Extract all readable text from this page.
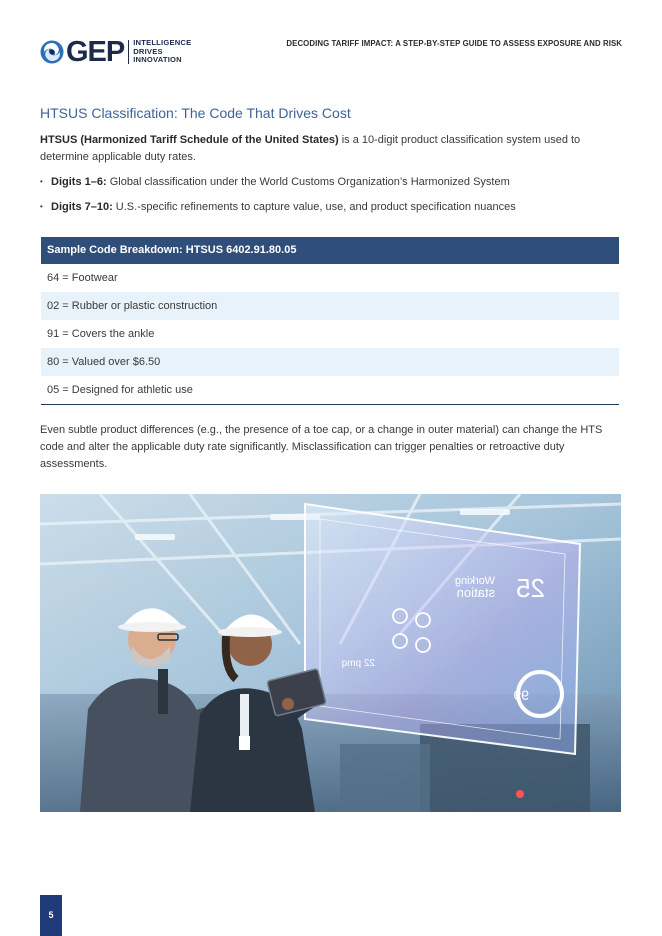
GEP INTELLIGENCE
DRIVES
INNOVATION
DECODING TARIFF IMPACT: A STEP-BY-STEP GUIDE TO ASSESS EXPOSURE AND RISK
HTSUS Classification: The Code That Drives Cost

HTSUS (Harmonized Tariff Schedule of the United States) is a 10-digit product classification system used to determine applicable duty rates.

• Digits 1–6: Global classification under the World Customs Organization’s Harmonized System
• Digits 7–10: U.S.-specific refinements to capture value, use, and product specification nuances
Sample Code Breakdown: HTSUS 6402.91.80.05
64 = Footwear
02 = Rubber or plastic construction
91 = Covers the ankle
80 = Valued over $6.50
05 = Designed for athletic use

Even subtle product differences (e.g., the presence of a toe cap, or a change in outer material) can change the HTS code and alter the applicable duty rate significantly. Misclassification can trigger penalties or retroactive duty assessments.

Working
station 25
22 pmq
99
5
